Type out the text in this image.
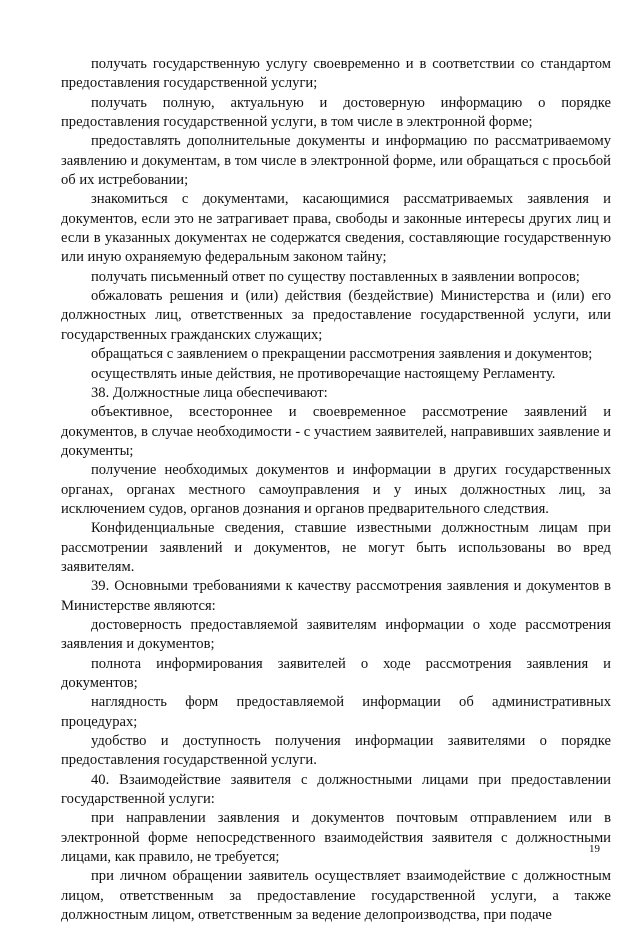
получать государственную услугу своевременно и в соответствии со стандартом предоставления государственной услуги;

получать полную, актуальную и достоверную информацию о порядке предоставления государственной услуги, в том числе в электронной форме;

предоставлять дополнительные документы и информацию по рассматриваемому заявлению и документам, в том числе в электронной форме, или обращаться с просьбой об их истребовании;

знакомиться с документами, касающимися рассматриваемых заявления и документов, если это не затрагивает права, свободы и законные интересы других лиц и если в указанных документах не содержатся сведения, составляющие государственную или иную охраняемую федеральным законом тайну;

получать письменный ответ по существу поставленных в заявлении вопросов;

обжаловать решения и (или) действия (бездействие) Министерства и (или) его должностных лиц, ответственных за предоставление государственной услуги, или государственных гражданских служащих;

обращаться с заявлением о прекращении рассмотрения заявления и документов;

осуществлять иные действия, не противоречащие настоящему Регламенту.

38. Должностные лица обеспечивают:

объективное, всестороннее и своевременное рассмотрение заявлений и документов, в случае необходимости - с участием заявителей, направивших заявление и документы;

получение необходимых документов и информации в других государственных органах, органах местного самоуправления и у иных должностных лиц, за исключением судов, органов дознания и органов предварительного следствия.

Конфиденциальные сведения, ставшие известными должностным лицам при рассмотрении заявлений и документов, не могут быть использованы во вред заявителям.

39. Основными требованиями к качеству рассмотрения заявления и документов в Министерстве являются:

достоверность предоставляемой заявителям информации о ходе рассмотрения заявления и документов;

полнота информирования заявителей о ходе рассмотрения заявления и документов;

наглядность форм предоставляемой информации об административных процедурах;

удобство и доступность получения информации заявителями о порядке предоставления государственной услуги.

40. Взаимодействие заявителя с должностными лицами при предоставлении государственной услуги:

при направлении заявления и документов почтовым отправлением или в электронной форме непосредственного взаимодействия заявителя с должностными лицами, как правило, не требуется;

при личном обращении заявитель осуществляет взаимодействие с должностным лицом, ответственным за предоставление государственной услуги, а также должностным лицом, ответственным за ведение делопроизводства, при подаче

19
